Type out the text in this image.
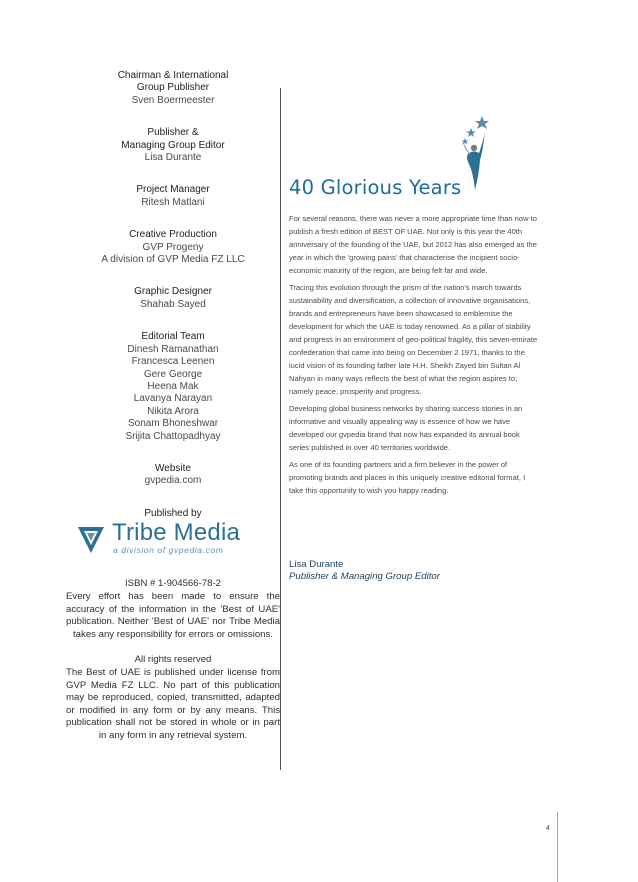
Chairman & International
Group Publisher
Sven Boermeester
Publisher &
Managing Group Editor
Lisa Durante
Project Manager
Ritesh Matlani
Creative Production
GVP Progeny
A division of GVP Media FZ LLC
Graphic Designer
Shahab Sayed
Editorial Team
Dinesh Ramanathan
Francesca Leenen
Gere George
Heena Mak
Lavanya Narayan
Nikita Arora
Sonam Bhoneshwar
Srijita Chattopadhyay
Website
gvpedia.com
Published by
Tribe Media
a division of gvpedia.com
ISBN # 1-904566-78-2
Every effort has been made to ensure the accuracy of the information in the 'Best of UAE' publication. Neither 'Best of UAE' nor Tribe Media takes any responsibility for errors or omissions.
All rights reserved
The Best of UAE is published under license from GVP Media FZ LLC. No part of this publication may be reproduced, copied, transmitted, adapted or modified in any form or by any means. This publication shall not be stored in whole or in part in any form in any retrieval system.
40 Glorious Years

For several reasons, there was never a more appropriate time than now to publish a fresh edition of BEST OF UAE. Not only is this year the 40th anniversary of the founding of the UAE, but 2012 has also emerged as the year in which the 'growing pains' that characterise the incipient socio-economic maturity of the region, are being felt far and wide.

Tracing this evolution through the prism of the nation's march towards sustainability and diversification, a collection of innovative organisations, brands and entrepreneurs have been showcased to emblemise the development for which the UAE is today renowned. As a pillar of stability and progress in an environment of geo-political fragility, this seven-emirate confederation that came into being on December 2 1971, thanks to the lucid vision of its founding father late H.H. Sheikh Zayed bin Sultan Al Nahyan in many ways reflects the best of what the region aspires to; namely peace, prosperity and progress.

Developing global business networks by sharing success stories in an informative and visually appealing way is essence of how we have developed our gvpedia brand that now has expanded its annual book series published in over 40 territories worldwide.

As one of its founding partners and a firm believer in the power of promoting brands and places in this uniquely creative editorial format, I take this opportunity to wish you happy reading.

Lisa Durante
Publisher & Managing Group Editor
4
